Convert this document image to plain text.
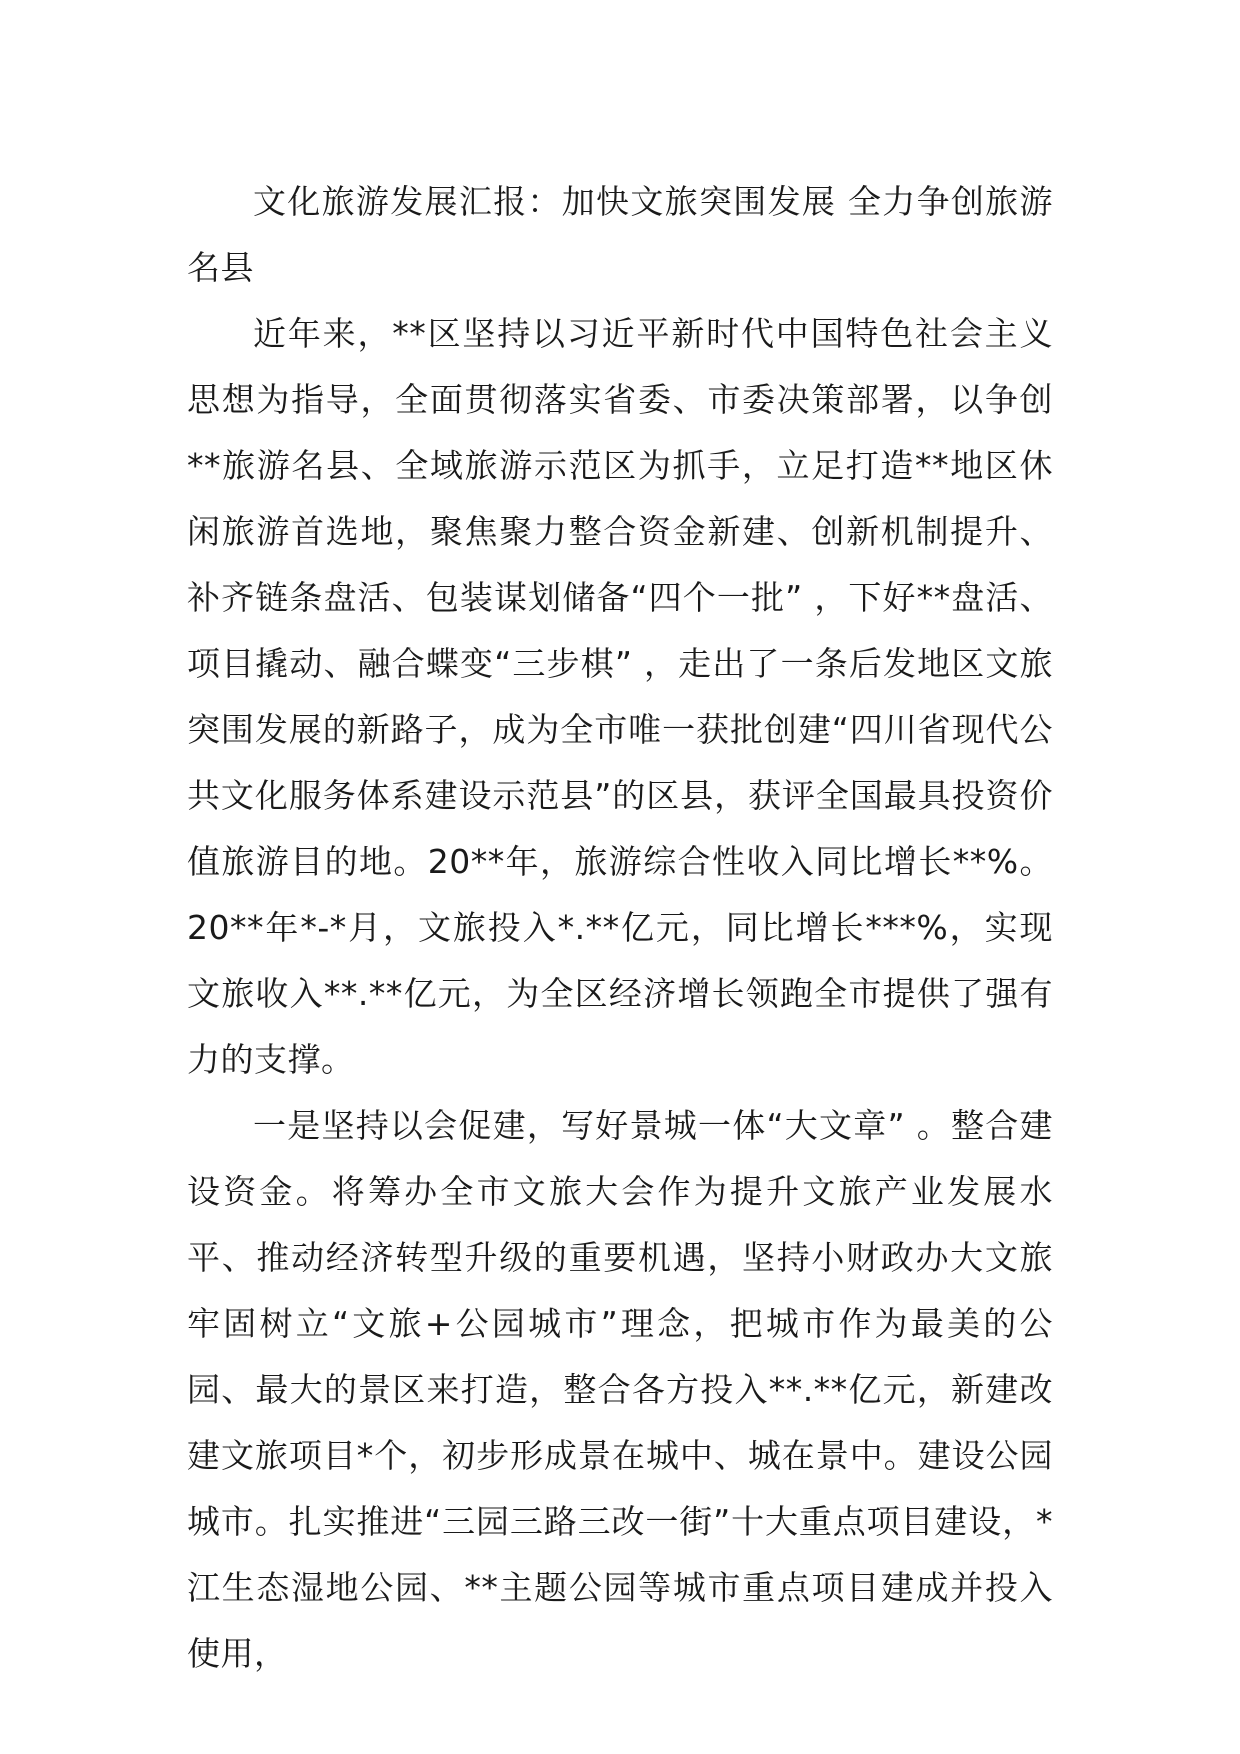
文化旅游发展汇报：加快文旅突围发展 全力争创旅游名县

近年来，**区坚持以习近平新时代中国特色社会主义思想为指导，全面贯彻落实省委、市委决策部署，以争创**旅游名县、全域旅游示范区为抓手，立足打造**地区休闲旅游首选地，聚焦聚力整合资金新建、创新机制提升、补齐链条盘活、包装谋划储备“四个一批” ，下好**盘活、项目撬动、融合蝶变“三步棋” ，走出了一条后发地区文旅突围发展的新路子，成为全市唯一获批创建“四川省现代公共文化服务体系建设示范县”的区县，获评全国最具投资价值旅游目的地。20**年，旅游综合性收入同比增长**%。20**年*-*月，文旅投入*.**亿元，同比增长***%，实现文旅收入**.**亿元，为全区经济增长领跑全市提供了强有力的支撑。

一是坚持以会促建，写好景城一体“大文章” 。整合建设资金。将筹办全市文旅大会作为提升文旅产业发展水平、推动经济转型升级的重要机遇，坚持小财政办大文旅牢固树立“文旅+公园城市”理念，把城市作为最美的公园、最大的景区来打造，整合各方投入**.**亿元，新建改建文旅项目*个，初步形成景在城中、城在景中。建设公园城市。扎实推进“三园三路三改一街”十大重点项目建设，*江生态湿地公园、**主题公园等城市重点项目建成并投入使用，
